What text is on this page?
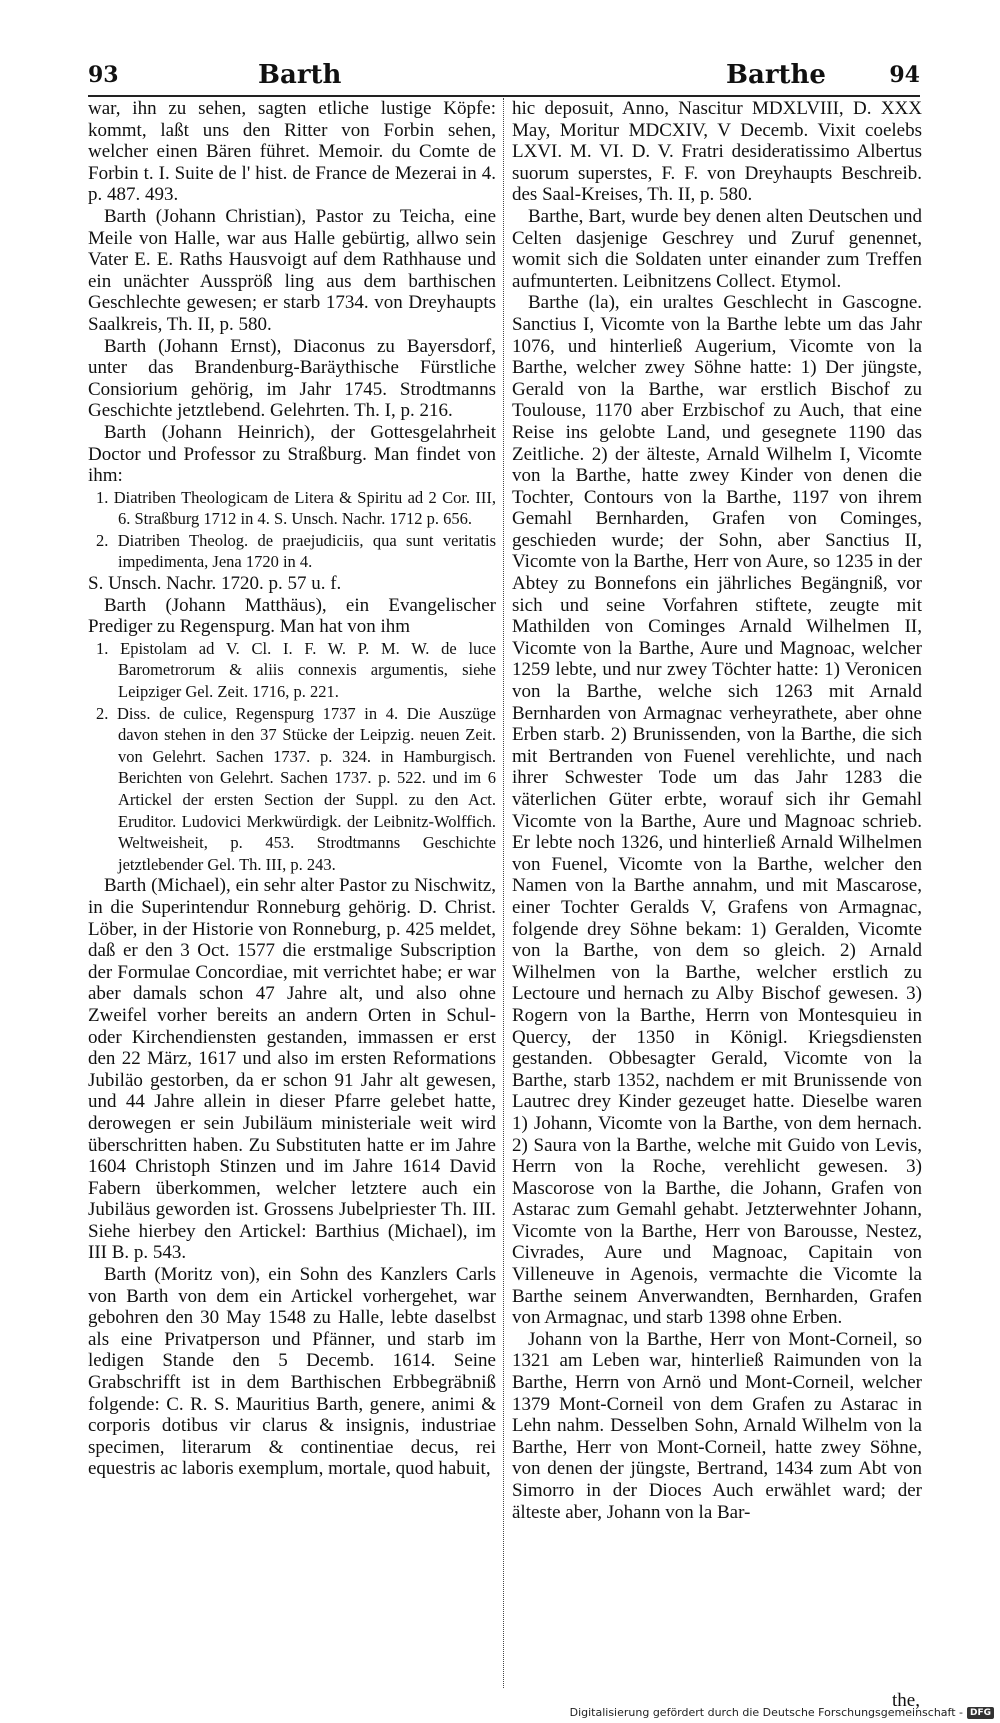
93	Barth	Barthe	94

war, ihn zu sehen, sagten etliche lustige Köpfe: kommt, laßt uns den Ritter von Forbin sehen, welcher einen Bären führet. Memoir. du Comte de Forbin t. I. Suite de l' hist. de France de Mezerai in 4. p. 487. 493.

Barth (Johann Christian), Pastor zu Teicha, eine Meile von Halle, war aus Halle gebürtig, allwo sein Vater E. E. Raths Hausvoigt auf dem Rathhause und ein unächter Ausspröß ling aus dem barthischen Geschlechte gewesen; er starb 1734. von Dreyhaupts Saalkreis, Th. II, p. 580.

Barth (Johann Ernst), Diaconus zu Bayersdorf, unter das Brandenburg-Baräythische Fürstliche Consiorium gehörig, im Jahr 1745. Strodtmanns Geschichte jetztlebend. Gelehrten. Th. I, p. 216.

Barth (Johann Heinrich), der Gottesgelahrheit Doctor und Professor zu Straßburg. Man findet von ihm:

1. Diatriben Theologicam de Litera & Spiritu ad 2 Cor. III, 6. Straßburg 1712 in 4. S. Unsch. Nachr. 1712 p. 656.

2. Diatriben Theolog. de praejudiciis, qua sunt veritatis impedimenta, Jena 1720 in 4.

S. Unsch. Nachr. 1720. p. 57 u. f.

Barth (Johann Matthäus), ein Evangelischer Prediger zu Regenspurg. Man hat von ihm

1. Epistolam ad V. Cl. I. F. W. P. M. W. de luce Barometrorum & aliis connexis argumentis, siehe Leipziger Gel. Zeit. 1716, p. 221.

2. Diss. de culice, Regenspurg 1737 in 4. Die Auszüge davon stehen in den 37 Stücke der Leipzig. neuen Zeit. von Gelehrt. Sachen 1737. p. 324. in Hamburgisch. Berichten von Gelehrt. Sachen 1737. p. 522. und im 6 Artickel der ersten Section der Suppl. zu den Act. Eruditor. Ludovici Merkwürdigk. der Leibnitz-Wolffich. Weltweisheit, p. 453. Strodtmanns Geschichte jetztlebender Gel. Th. III, p. 243.

Barth (Michael), ein sehr alter Pastor zu Nischwitz, in die Superintendur Ronneburg gehörig. D. Christ. Löber, in der Historie von Ronneburg, p. 425 meldet, daß er den 3 Oct. 1577 die erstmalige Subscription der Formulae Concordiae, mit verrichtet habe; er war aber damals schon 47 Jahre alt, und also ohne Zweifel vorher bereits an andern Orten in Schul- oder Kirchendiensten gestanden, immassen er erst den 22 März, 1617 und also im ersten Reformations Jubiläo gestorben, da er schon 91 Jahr alt gewesen, und 44 Jahre allein in dieser Pfarre gelebet hatte, derowegen er sein Jubiläum ministeriale weit wird überschritten haben. Zu Substituten hatte er im Jahre 1604 Christoph Stinzen und im Jahre 1614 David Fabern überkommen, welcher letztere auch ein Jubiläus geworden ist. Grossens Jubelpriester Th. III. Siehe hierbey den Artickel: Barthius (Michael), im III B. p. 543.

Barth (Moritz von), ein Sohn des Kanzlers Carls von Barth von dem ein Artickel vorhergehet, war gebohren den 30 May 1548 zu Halle, lebte daselbst als eine Privatperson und Pfänner, und starb im ledigen Stande den 5 Decemb. 1614. Seine Grabschrifft ist in dem Barthischen Erbbegräbniß folgende: C. R. S. Mauritius Barth, genere, animi & corporis dotibus vir clarus & insignis, industriae specimen, literarum & continentiae decus, rei equestris ac laboris exemplum, mortale, quod habuit,

hic deposuit, Anno, Nascitur MDXLVIII, D. XXX May, Moritur MDCXIV, V Decemb. Vixit coelebs LXVI. M. VI. D. V. Fratri desideratissimo Albertus suorum superstes, F. F. von Dreyhaupts Beschreib. des Saal-Kreises, Th. II, p. 580.

Barthe, Bart, wurde bey denen alten Deutschen und Celten dasjenige Geschrey und Zuruf genennet, womit sich die Soldaten unter einander zum Treffen aufmunterten. Leibnitzens Collect. Etymol.

Barthe (la), ein uraltes Geschlecht in Gascogne. Sanctius I, Vicomte von la Barthe lebte um das Jahr 1076, und hinterließ Augerium, Vicomte von la Barthe, welcher zwey Söhne hatte: 1) Der jüngste, Gerald von la Barthe, war erstlich Bischof zu Toulouse, 1170 aber Erzbischof zu Auch, that eine Reise ins gelobte Land, und gesegnete 1190 das Zeitliche. 2) der älteste, Arnald Wilhelm I, Vicomte von la Barthe, hatte zwey Kinder von denen die Tochter, Contours von la Barthe, 1197 von ihrem Gemahl Bernharden, Grafen von Cominges, geschieden wurde; der Sohn, aber Sanctius II, Vicomte von la Barthe, Herr von Aure, so 1235 in der Abtey zu Bonnefons ein jährliches Begängniß, vor sich und seine Vorfahren stiftete, zeugte mit Mathilden von Cominges Arnald Wilhelmen II, Vicomte von la Barthe, Aure und Magnoac, welcher 1259 lebte, und nur zwey Töchter hatte: 1) Veronicen von la Barthe, welche sich 1263 mit Arnald Bernharden von Armagnac verheyrathete, aber ohne Erben starb. 2) Brunissenden, von la Barthe, die sich mit Bertranden von Fuenel verehlichte, und nach ihrer Schwester Tode um das Jahr 1283 die väterlichen Güter erbte, worauf sich ihr Gemahl Vicomte von la Barthe, Aure und Magnoac schrieb. Er lebte noch 1326, und hinterließ Arnald Wilhelmen von Fuenel, Vicomte von la Barthe, welcher den Namen von la Barthe annahm, und mit Mascarose, einer Tochter Geralds V, Grafens von Armagnac, folgende drey Söhne bekam: 1) Geralden, Vicomte von la Barthe, von dem so gleich. 2) Arnald Wilhelmen von la Barthe, welcher erstlich zu Lectoure und hernach zu Alby Bischof gewesen. 3) Rogern von la Barthe, Herrn von Montesquieu in Quercy, der 1350 in Königl. Kriegsdiensten gestanden. Obbesagter Gerald, Vicomte von la Barthe, starb 1352, nachdem er mit Brunissende von Lautrec drey Kinder gezeuget hatte. Dieselbe waren 1) Johann, Vicomte von la Barthe, von dem hernach. 2) Saura von la Barthe, welche mit Guido von Levis, Herrn von la Roche, verehlicht gewesen. 3) Mascorose von la Barthe, die Johann, Grafen von Astarac zum Gemahl gehabt. Jetzterwehnter Johann, Vicomte von la Barthe, Herr von Barousse, Nestez, Civrades, Aure und Magnoac, Capitain von Villeneuve in Agenois, vermachte die Vicomte la Barthe seinem Anverwandten, Bernharden, Grafen von Armagnac, und starb 1398 ohne Erben.

Johann von la Barthe, Herr von Mont-Corneil, so 1321 am Leben war, hinterließ Raimunden von la Barthe, Herrn von Arnö und Mont-Corneil, welcher 1379 Mont-Corneil von dem Grafen zu Astarac in Lehn nahm. Desselben Sohn, Arnald Wilhelm von la Barthe, Herr von Mont-Corneil, hatte zwey Söhne, von denen der jüngste, Bertrand, 1434 zum Abt von Simorro in der Dioces Auch erwählet ward; der älteste aber, Johann von la Bar-

the,
Digitalisierung gefördert durch die Deutsche Forschungsgemeinschaft - DFG
